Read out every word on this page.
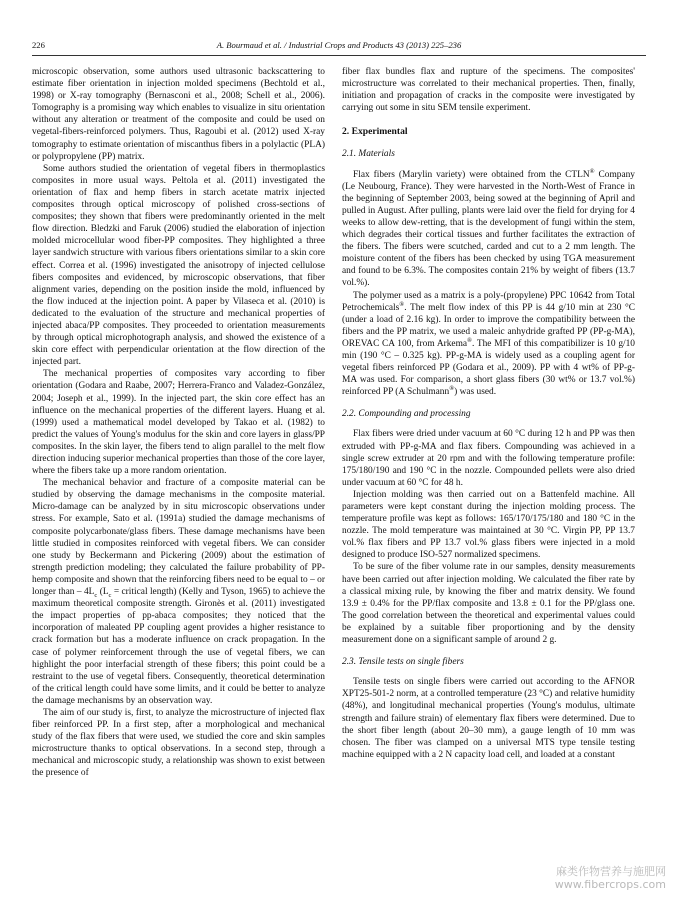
226	A. Bourmaud et al. / Industrial Crops and Products 43 (2013) 225–236

microscopic observation, some authors used ultrasonic backscattering to estimate fiber orientation in injection molded specimens (Bechtold et al., 1998) or X-ray tomography (Bernasconi et al., 2008; Schell et al., 2006). Tomography is a promising way which enables to visualize in situ orientation without any alteration or treatment of the composite and could be used on vegetal-fibers-reinforced polymers. Thus, Ragoubi et al. (2012) used X-ray tomography to estimate orientation of miscanthus fibers in a polylactic (PLA) or polypropylene (PP) matrix.

Some authors studied the orientation of vegetal fibers in thermoplastics composites in more usual ways. Peltola et al. (2011) investigated the orientation of flax and hemp fibers in starch acetate matrix injected composites through optical microscopy of polished cross-sections of composites; they shown that fibers were predominantly oriented in the melt flow direction. Bledzki and Faruk (2006) studied the elaboration of injection molded microcellular wood fiber-PP composites. They highlighted a three layer sandwich structure with various fibers orientations similar to a skin core effect. Correa et al. (1996) investigated the anisotropy of injected cellulose fibers composites and evidenced, by microscopic observations, that fiber alignment varies, depending on the position inside the mold, influenced by the flow induced at the injection point. A paper by Vilaseca et al. (2010) is dedicated to the evaluation of the structure and mechanical properties of injected abaca/PP composites. They proceeded to orientation measurements by through optical microphotograph analysis, and showed the existence of a skin core effect with perpendicular orientation at the flow direction of the injected part.

The mechanical properties of composites vary according to fiber orientation (Godara and Raabe, 2007; Herrera-Franco and Valadez-González, 2004; Joseph et al., 1999). In the injected part, the skin core effect has an influence on the mechanical properties of the different layers. Huang et al. (1999) used a mathematical model developed by Takao et al. (1982) to predict the values of Young's modulus for the skin and core layers in glass/PP composites. In the skin layer, the fibers tend to align parallel to the melt flow direction inducing superior mechanical properties than those of the core layer, where the fibers take up a more random orientation.

The mechanical behavior and fracture of a composite material can be studied by observing the damage mechanisms in the composite material. Micro-damage can be analyzed by in situ microscopic observations under stress. For example, Sato et al. (1991a) studied the damage mechanisms of composite polycarbonate/glass fibers. These damage mechanisms have been little studied in composites reinforced with vegetal fibers. We can consider one study by Beckermann and Pickering (2009) about the estimation of strength prediction modeling; they calculated the failure probability of PP-hemp composite and shown that the reinforcing fibers need to be equal to – or longer than – $4L_c$ ($L_c$ = critical length) (Kelly and Tyson, 1965) to achieve the maximum theoretical composite strength. Gironès et al. (2011) investigated the impact properties of pp-abaca composites; they noticed that the incorporation of maleated PP coupling agent provides a higher resistance to crack formation but has a moderate influence on crack propagation. In the case of polymer reinforcement through the use of vegetal fibers, we can highlight the poor interfacial strength of these fibers; this point could be a restraint to the use of vegetal fibers. Consequently, theoretical determination of the critical length could have some limits, and it could be better to analyze the damage mechanisms by an observation way.

The aim of our study is, first, to analyze the microstructure of injected flax fiber reinforced PP. In a first step, after a morphological and mechanical study of the flax fibers that were used, we studied the core and skin samples microstructure thanks to optical observations. In a second step, through a mechanical and microscopic study, a relationship was shown to exist between the presence of

fiber flax bundles flax and rupture of the specimens. The composites' microstructure was correlated to their mechanical properties. Then, finally, initiation and propagation of cracks in the composite were investigated by carrying out some in situ SEM tensile experiment.

2. Experimental
2.1. Materials

Flax fibers (Marylin variety) were obtained from the CTLN® Company (Le Neubourg, France). They were harvested in the North-West of France in the beginning of September 2003, being sowed at the beginning of April and pulled in August. After pulling, plants were laid over the field for drying for 4 weeks to allow dew-retting, that is the development of fungi within the stem, which degrades their cortical tissues and further facilitates the extraction of the fibers. The fibers were scutched, carded and cut to a 2 mm length. The moisture content of the fibers has been checked by using TGA measurement and found to be 6.3%. The composites contain 21% by weight of fibers (13.7 vol.%).

The polymer used as a matrix is a poly-(propylene) PPC 10642 from Total Petrochemicals®. The melt flow index of this PP is 44 g/10 min at 230 °C (under a load of 2.16 kg). In order to improve the compatibility between the fibers and the PP matrix, we used a maleic anhydride grafted PP (PP-g-MA), OREVAC CA 100, from Arkema®. The MFI of this compatibilizer is 10 g/10 min (190 °C – 0.325 kg). PP-g-MA is widely used as a coupling agent for vegetal fibers reinforced PP (Godara et al., 2009). PP with 4 wt% of PP-g-MA was used. For comparison, a short glass fibers (30 wt% or 13.7 vol.%) reinforced PP (A Schulmann®) was used.

2.2. Compounding and processing

Flax fibers were dried under vacuum at 60 °C during 12 h and PP was then extruded with PP-g-MA and flax fibers. Compounding was achieved in a single screw extruder at 20 rpm and with the following temperature profile: 175/180/190 and 190 °C in the nozzle. Compounded pellets were also dried under vacuum at 60 °C for 48 h.

Injection molding was then carried out on a Battenfeld machine. All parameters were kept constant during the injection molding process. The temperature profile was kept as follows: 165/170/175/180 and 180 °C in the nozzle. The mold temperature was maintained at 30 °C. Virgin PP, PP 13.7 vol.% flax fibers and PP 13.7 vol.% glass fibers were injected in a mold designed to produce ISO-527 normalized specimens.

To be sure of the fiber volume rate in our samples, density measurements have been carried out after injection molding. We calculated the fiber rate by a classical mixing rule, by knowing the fiber and matrix density. We found 13.9 ± 0.4% for the PP/flax composite and 13.8 ± 0.1 for the PP/glass one. The good correlation between the theoretical and experimental values could be explained by a suitable fiber proportioning and by the density measurement done on a significant sample of around 2 g.

2.3. Tensile tests on single fibers

Tensile tests on single fibers were carried out according to the AFNOR XPT25-501-2 norm, at a controlled temperature (23 °C) and relative humidity (48%), and longitudinal mechanical properties (Young's modulus, ultimate strength and failure strain) of elementary flax fibers were determined. Due to the short fiber length (about 20–30 mm), a gauge length of 10 mm was chosen. The fiber was clamped on a universal MTS type tensile testing machine equipped with a 2 N capacity load cell, and loaded at a constant

麻类作物营养与施肥网
www.fibercrops.com
